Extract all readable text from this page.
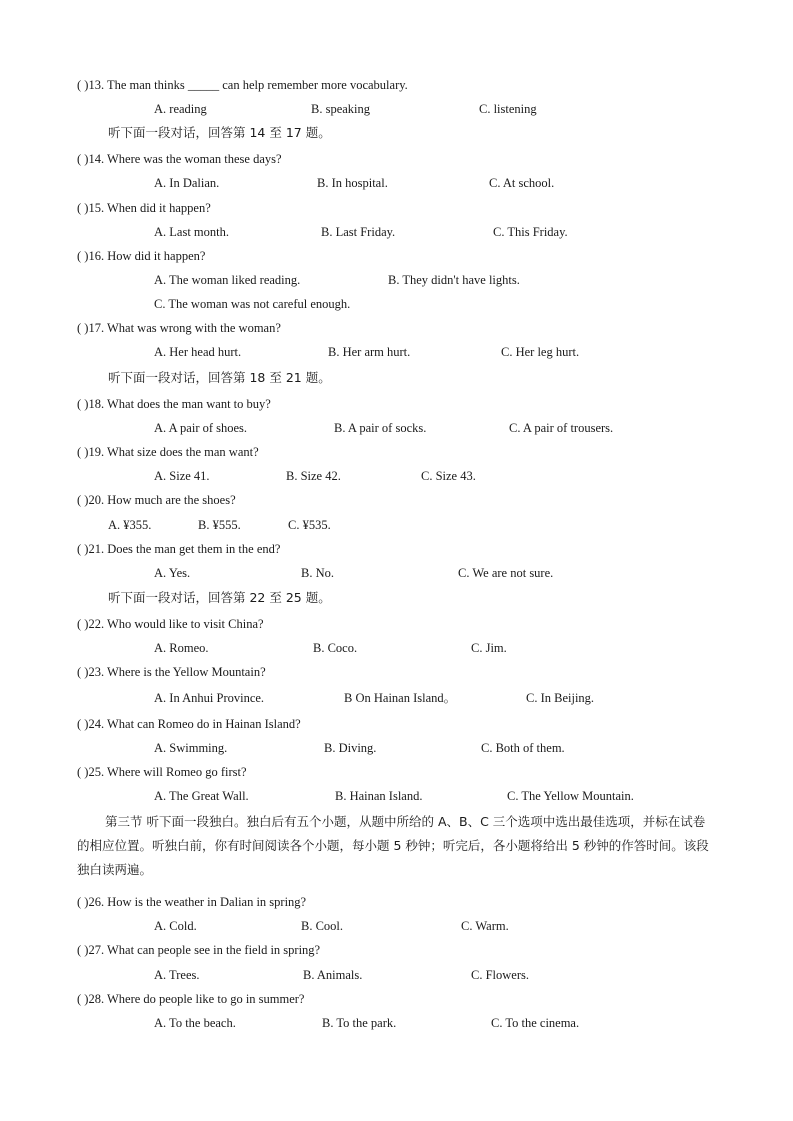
( )13. The man thinks _____ can help remember more vocabulary.
A. reading	B. speaking	C. listening
听下面一段对话，回答第 14 至 17 题。
( )14. Where was the woman these days?
A. In Dalian.	B. In hospital.	C. At school.
( )15. When did it happen?
A. Last month.	B. Last Friday.	C. This Friday.
( )16. How did it happen?
A. The woman liked reading.	B. They didn't have lights.
C. The woman was not careful enough.
( )17. What was wrong with the woman?
A. Her head hurt.	B. Her arm hurt.	C. Her leg hurt.
听下面一段对话，回答第 18 至 21 题。
( )18. What does the man want to buy?
A. A pair of shoes.	B. A pair of socks.	C. A pair of trousers.
( )19. What size does the man want?
A. Size 41.	B. Size 42.	C. Size 43.
( )20. How much are the shoes?
A. ¥355.	B. ¥555.	C. ¥535.
( )21. Does the man get them in the end?
A. Yes.	B. No.	C. We are not sure.
听下面一段对话，回答第 22 至 25 题。
( )22. Who would like to visit China?
A. Romeo.	B. Coco.	C. Jim.
( )23. Where is the Yellow Mountain?
A. In Anhui Province.	B On Hainan Island。	C. In Beijing.
( )24. What can Romeo do in Hainan Island?
A. Swimming.	B. Diving.	C. Both of them.
( )25. Where will Romeo go first?
A. The Great Wall.	B. Hainan Island.	C. The Yellow Mountain.
第三节 听下面一段独白。独白后有五个小题，从题中所给的 A、B、C 三个选项中选出最佳选项，并标在试卷的相应位置。听独白前，你有时间阅读各个小题，每小题 5 秒钟；听完后，各小题将给出 5 秒钟的作答时间。该段独白读两遍。
( )26. How is the weather in Dalian in spring?
A. Cold.	B. Cool.	C. Warm.
( )27. What can people see in the field in spring?
A. Trees.	B. Animals.	C. Flowers.
( )28. Where do people like to go in summer?
A. To the beach.	B. To the park.	C. To the cinema.
